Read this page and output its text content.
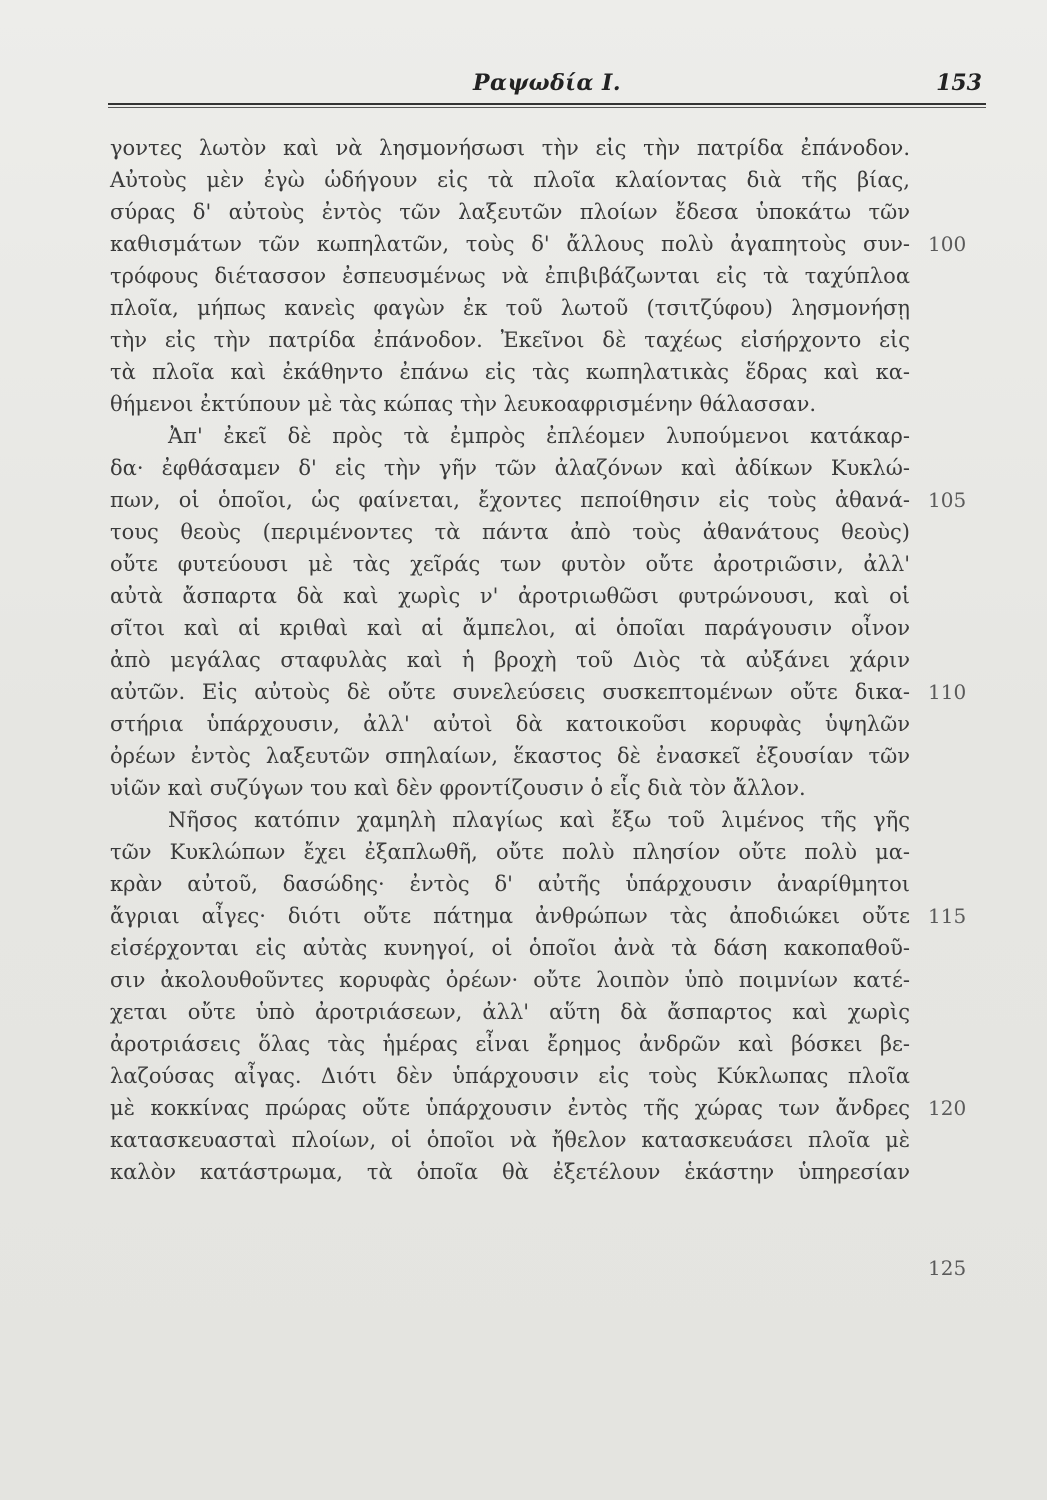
Ραψωδία Ι.	153
γοντες λωτὸν καὶ νὰ λησμονήσωσι τὴν εἰς τὴν πατρίδα ἐπάνοδον.
Αὐτοὺς μὲν ἐγὼ ὡδήγουν εἰς τὰ πλοῖα κλαίοντας διὰ τῆς βίας,
σύρας δ' αὐτοὺς ἐντὸς τῶν λαξευτῶν πλοίων ἔδεσα ὑποκάτω τῶν
καθισμάτων τῶν κωπηλατῶν, τοὺς δ' ἄλλους πολὺ ἀγαπητοὺς συν-
τρόφους διέτασσον ἐσπευσμένως νὰ ἐπιβιβάζωνται εἰς τὰ ταχύπλοα
πλοῖα, μήπως κανεὶς φαγὼν ἐκ τοῦ λωτοῦ (τσιτζύφου) λησμονήσῃ
τὴν εἰς τὴν πατρίδα ἐπάνοδον. Ἐκεῖνοι δὲ ταχέως εἰσήρχοντο εἰς
τὰ πλοῖα καὶ ἐκάθηντο ἐπάνω εἰς τὰς κωπηλατικὰς ἕδρας καὶ κα-
θήμενοι ἐκτύπουν μὲ τὰς κώπας τὴν λευκοαφρισμένην θάλασσαν.
Ἀπ' ἐκεῖ δὲ πρὸς τὰ ἐμπρὸς ἐπλέομεν λυπούμενοι κατάκαρ-
δα· ἐφθάσαμεν δ' εἰς τὴν γῆν τῶν ἀλαζόνων καὶ ἀδίκων Κυκλώ-
πων, οἱ ὁποῖοι, ὡς φαίνεται, ἔχοντες πεποίθησιν εἰς τοὺς ἀθανά-
τους θεοὺς (περιμένοντες τὰ πάντα ἀπὸ τοὺς ἀθανάτους θεοὺς)
οὔτε φυτεύουσι μὲ τὰς χεῖράς των φυτὸν οὔτε ἀροτριῶσιν, ἀλλ'
αὐτὰ ἄσπαρτα δὰ καὶ χωρὶς ν' ἀροτριωθῶσι φυτρώνουσι, καὶ οἱ
σῖτοι καὶ αἱ κριθαὶ καὶ αἱ ἄμπελοι, αἱ ὁποῖαι παράγουσιν οἶνον
ἀπὸ μεγάλας σταφυλὰς καὶ ἡ βροχὴ τοῦ Διὸς τὰ αὐξάνει χάριν
αὐτῶν. Εἰς αὐτοὺς δὲ οὔτε συνελεύσεις συσκεπτομένων οὔτε δικα-
στήρια ὑπάρχουσιν, ἀλλ' αὐτοὶ δὰ κατοικοῦσι κορυφὰς ὑψηλῶν
ὀρέων ἐντὸς λαξευτῶν σπηλαίων, ἕκαστος δὲ ἐνασκεῖ ἐξουσίαν τῶν
υἱῶν καὶ συζύγων του καὶ δὲν φροντίζουσιν ὁ εἷς διὰ τὸν ἄλλον.
Νῆσος κατόπιν χαμηλὴ πλαγίως καὶ ἔξω τοῦ λιμένος τῆς γῆς
τῶν Κυκλώπων ἔχει ἐξαπλωθῆ, οὔτε πολὺ πλησίον οὔτε πολὺ μα-
κρὰν αὐτοῦ, δασώδης· ἐντὸς δ' αὐτῆς ὑπάρχουσιν ἀναρίθμητοι
ἄγριαι αἶγες· διότι οὔτε πάτημα ἀνθρώπων τὰς ἀποδιώκει οὔτε
εἰσέρχονται εἰς αὐτὰς κυνηγοί, οἱ ὁποῖοι ἀνὰ τὰ δάση κακοπαθοῦ-
σιν ἀκολουθοῦντες κορυφὰς ὀρέων· οὔτε λοιπὸν ὑπὸ ποιμνίων κατέ-
χεται οὔτε ὑπὸ ἀροτριάσεων, ἀλλ' αὕτη δὰ ἄσπαρτος καὶ χωρὶς
ἀροτριάσεις ὅλας τὰς ἡμέρας εἶναι ἔρημος ἀνδρῶν καὶ βόσκει βε-
λαζούσας αἶγας. Διότι δὲν ὑπάρχουσιν εἰς τοὺς Κύκλωπας πλοῖα
μὲ κοκκίνας πρώρας οὔτε ὑπάρχουσιν ἐντὸς τῆς χώρας των ἄνδρες
κατασκευασταὶ πλοίων, οἱ ὁποῖοι νὰ ἤθελον κατασκευάσει πλοῖα μὲ
καλὸν κατάστρωμα, τὰ ὁποῖα θὰ ἐξετέλουν ἑκάστην ὑπηρεσίαν
100
105
110
115
120
125
